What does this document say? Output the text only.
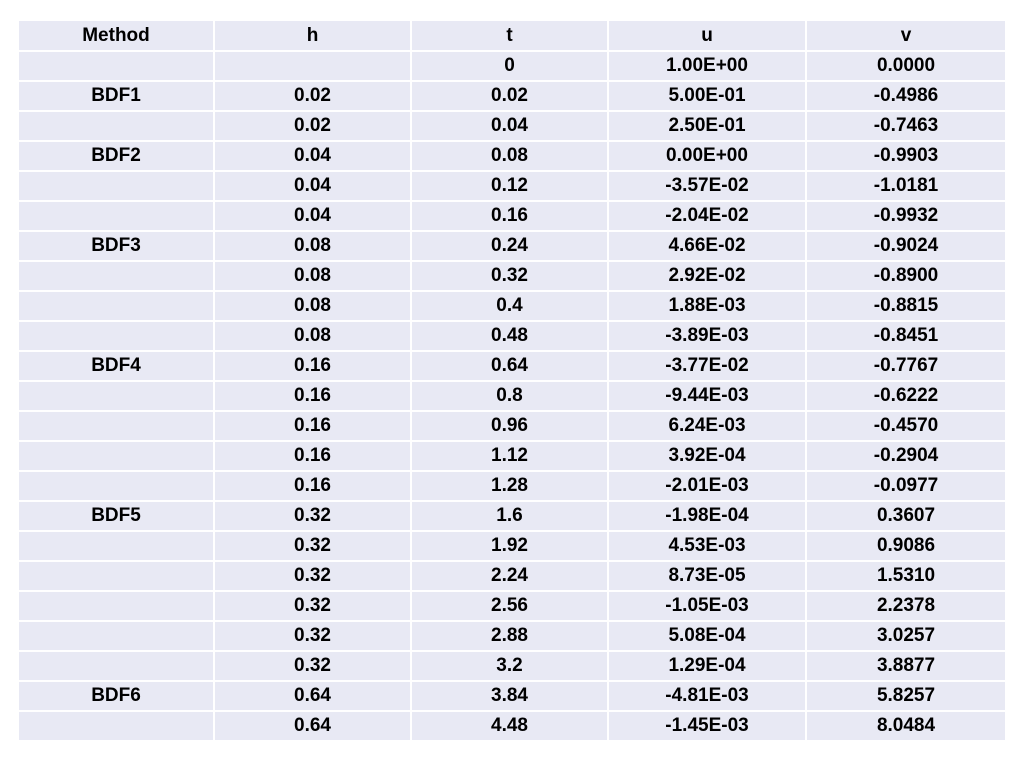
Method	h	t	u	v
		0	1.00E+00	0.0000
BDF1	0.02	0.02	5.00E-01	-0.4986
	0.02	0.04	2.50E-01	-0.7463
BDF2	0.04	0.08	0.00E+00	-0.9903
	0.04	0.12	-3.57E-02	-1.0181
	0.04	0.16	-2.04E-02	-0.9932
BDF3	0.08	0.24	4.66E-02	-0.9024
	0.08	0.32	2.92E-02	-0.8900
	0.08	0.4	1.88E-03	-0.8815
	0.08	0.48	-3.89E-03	-0.8451
BDF4	0.16	0.64	-3.77E-02	-0.7767
	0.16	0.8	-9.44E-03	-0.6222
	0.16	0.96	6.24E-03	-0.4570
	0.16	1.12	3.92E-04	-0.2904
	0.16	1.28	-2.01E-03	-0.0977
BDF5	0.32	1.6	-1.98E-04	0.3607
	0.32	1.92	4.53E-03	0.9086
	0.32	2.24	8.73E-05	1.5310
	0.32	2.56	-1.05E-03	2.2378
	0.32	2.88	5.08E-04	3.0257
	0.32	3.2	1.29E-04	3.8877
BDF6	0.64	3.84	-4.81E-03	5.8257
	0.64	4.48	-1.45E-03	8.0484
